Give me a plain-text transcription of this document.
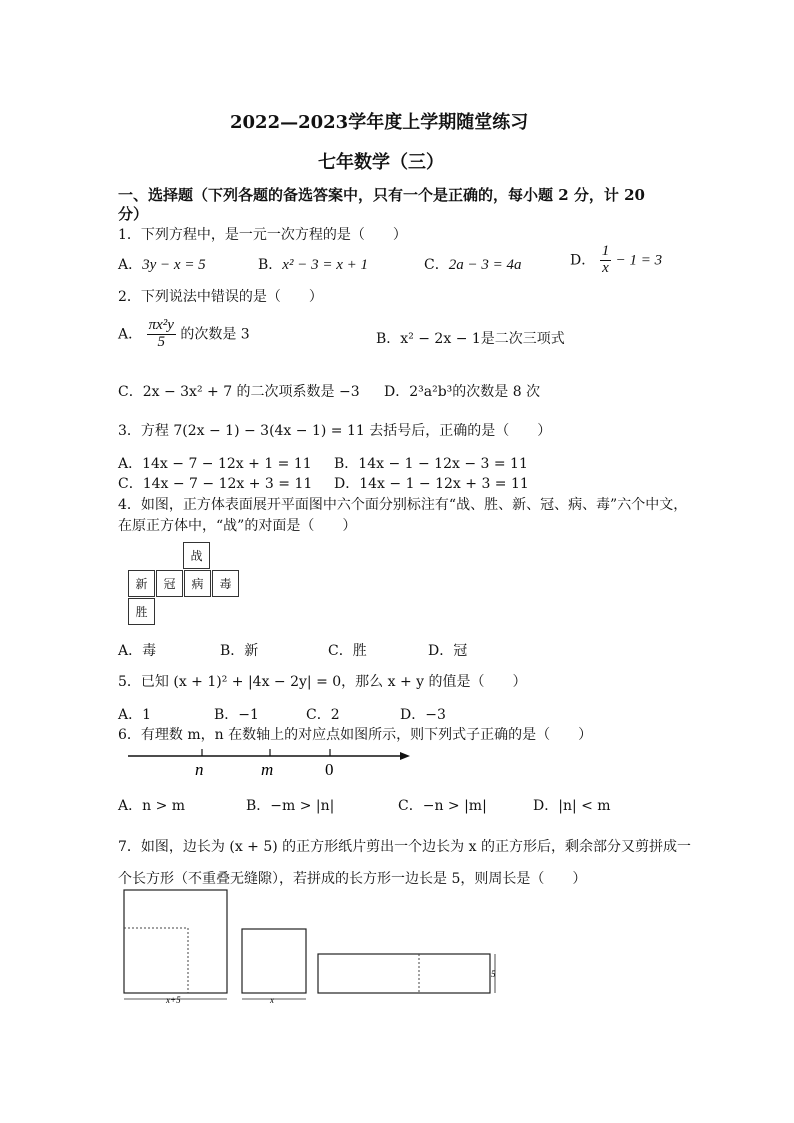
2022—2023学年度上学期随堂练习
七年数学（三）
一、选择题（下列各题的备选答案中，只有一个是正确的，每小题 2 分，计 20
分）
1．下列方程中，是一元一次方程的是（　　）
A．3y − x = 5	B．x² − 3 = x + 1	C．2a − 3 = 4a	D． $\frac{1}{x} - 1 = 3$
2．下列说法中错误的是（　　）
A． $\frac{\text{πx²y}}{5}$ 的次数是 3	B．x² − 2x − 1是二次三项式
C．2x − 3x² + 7 的二次项系数是 −3 D．2³a²b³的次数是 8 次
3．方程 7(2x − 1) − 3(4x − 1) = 11 去括号后，正确的是（　　）
A．14x − 7 − 12x + 1 = 11 B．14x − 1 − 12x − 3 = 11
C．14x − 7 − 12x + 3 = 11 D．14x − 1 − 12x + 3 = 11
4．如图，正方体表面展开平面图中六个面分别标注有“战、胜、新、冠、病、毒”六个中文，
在原正方体中，“战”的对面是（　　）
战
新	冠	病	毒
胜
A．毒	B．新	C．胜	D．冠
5．已知 (x + 1)² + |4x − 2y| = 0，那么 x + y 的值是（　　）
A．1	B．−1	C．2	D．−3
6．有理数 m，n 在数轴上的对应点如图所示，则下列式子正确的是（　　）
n	m	0
A．n > m	B．−m > |n|	C．−n > |m|	D．|n| < m
7．如图，边长为 (x + 5) 的正方形纸片剪出一个边长为 x 的正方形后，剩余部分又剪拼成一
个长方形（不重叠无缝隙），若拼成的长方形一边长是 5，则周长是（　　）
x+5	x
5
